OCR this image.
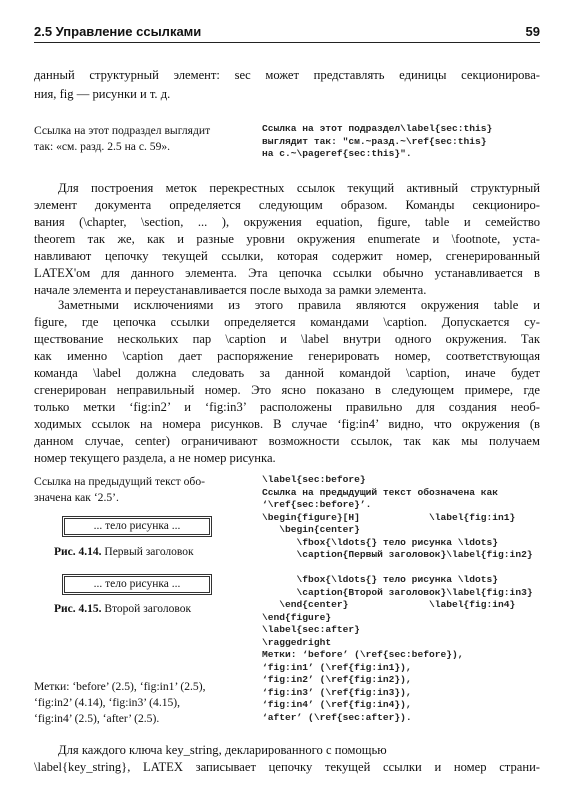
2.5 Управление ссылками	59
данный структурный элемент: sec может представлять единицы секционирова-
ния, fig — рисунки и т. д.
Ссылка на этот подраздел выглядит
так: «см. разд. 2.5 на с. 59».
Ссылка на этот подраздел\label{sec:this}
выглядит так: "см.~разд.~\ref{sec:this}
на с.~\pageref{sec:this}".
Для построения меток перекрестных ссылок текущий активный структурный
элемент документа определяется следующим образом. Команды секциониро-
вания (\chapter, \section, ... ), окружения equation, figure, table и семейство
theorem так же, как и разные уровни окружения enumerate и \footnote, уста-
навливают цепочку текущей ссылки, которая содержит номер, сгенерированный
LATEX'ом для данного элемента. Эта цепочка ссылки обычно устанавливается в
начале элемента и переустанавливается после выхода за рамки элемента.
Заметными исключениями из этого правила являются окружения table и
figure, где цепочка ссылки определяется командами \caption. Допускается су-
ществование нескольких пар \caption и \label внутри одного окружения. Так
как именно \caption дает распоряжение генерировать номер, соответствующая
команда \label должна следовать за данной командой \caption, иначе будет
сгенерирован неправильный номер. Это ясно показано в следующем примере, где
только метки ‘fig:in2’ и ‘fig:in3’ расположены правильно для создания необ-
ходимых ссылок на номера рисунков. В случае ‘fig:in4’ видно, что окружения (в
данном случае, center) ограничивают возможности ссылок, так как мы получаем
номер текущего раздела, а не номер рисунка.
Ссылка на предыдущий текст обо-
значена как ‘2.5’.
... тело рисунка ...
Рис. 4.14. Первый заголовок
... тело рисунка ...
Рис. 4.15. Второй заголовок
Метки: ‘before’ (2.5), ‘fig:in1’ (2.5),
‘fig:in2’ (4.14), ‘fig:in3’ (4.15),
‘fig:in4’ (2.5), ‘after’ (2.5).
\label{sec:before}
Ссылка на предыдущий текст обозначена как
‘\ref{sec:before}’.
\begin{figure}[H]            \label{fig:in1}
\begin{center}
\fbox{\ldots{} тело рисунка \ldots}
\caption{Первый заголовок}\label{fig:in2}
\fbox{\ldots{} тело рисунка \ldots}
\caption{Второй заголовок}\label{fig:in3}
\end{center}              \label{fig:in4}
\end{figure}
\label{sec:after}
\raggedright
Метки: ‘before’ (\ref{sec:before}),
‘fig:in1’ (\ref{fig:in1}),
‘fig:in2’ (\ref{fig:in2}),
‘fig:in3’ (\ref{fig:in3}),
‘fig:in4’ (\ref{fig:in4}),
‘after’ (\ref{sec:after}).
Для каждого ключа key_string, декларированного с помощью
\label{key_string}, LATEX записывает цепочку текущей ссылки и номер страни-
